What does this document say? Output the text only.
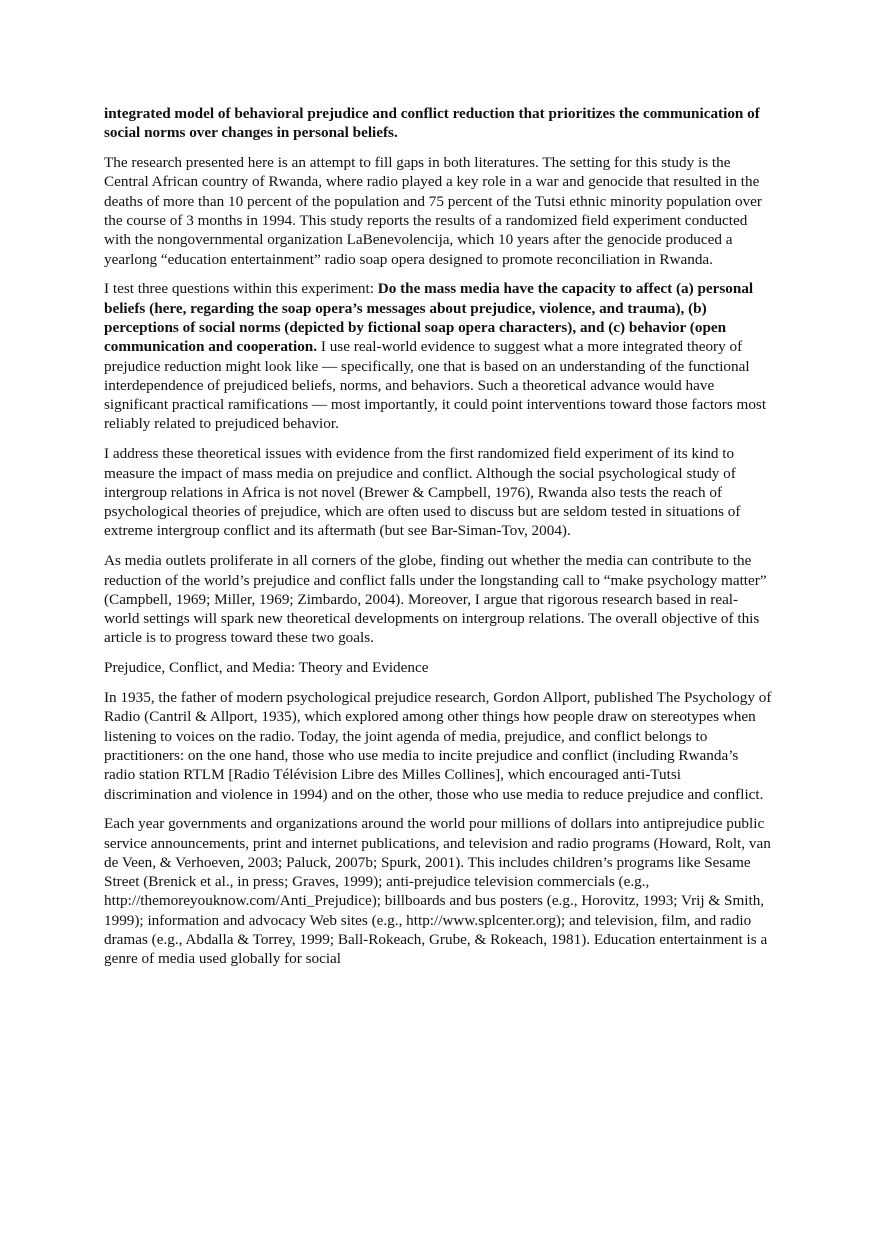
integrated model of behavioral prejudice and conflict reduction that prioritizes the communication of social norms over changes in personal beliefs.

The research presented here is an attempt to fill gaps in both literatures. The setting for this study is the Central African country of Rwanda, where radio played a key role in a war and genocide that resulted in the deaths of more than 10 percent of the population and 75 percent of the Tutsi ethnic minority population over the course of 3 months in 1994. This study reports the results of a randomized field experiment conducted with the nongovernmental organization LaBenevolencija, which 10 years after the genocide produced a yearlong “education entertainment” radio soap opera designed to promote reconciliation in Rwanda.

I test three questions within this experiment: Do the mass media have the capacity to affect (a) personal beliefs (here, regarding the soap opera’s messages about prejudice, violence, and trauma), (b) perceptions of social norms (depicted by fictional soap opera characters), and (c) behavior (open communication and cooperation. I use real-world evidence to suggest what a more integrated theory of prejudice reduction might look like — specifically, one that is based on an understanding of the functional interdependence of prejudiced beliefs, norms, and behaviors. Such a theoretical advance would have significant practical ramifications — most importantly, it could point interventions toward those factors most reliably related to prejudiced behavior.

I address these theoretical issues with evidence from the first randomized field experiment of its kind to measure the impact of mass media on prejudice and conflict. Although the social psychological study of intergroup relations in Africa is not novel (Brewer & Campbell, 1976), Rwanda also tests the reach of psychological theories of prejudice, which are often used to discuss but are seldom tested in situations of extreme intergroup conflict and its aftermath (but see Bar-Siman-Tov, 2004).

As media outlets proliferate in all corners of the globe, finding out whether the media can contribute to the reduction of the world’s prejudice and conflict falls under the longstanding call to “make psychology matter” (Campbell, 1969; Miller, 1969; Zimbardo, 2004). Moreover, I argue that rigorous research based in real-world settings will spark new theoretical developments on intergroup relations. The overall objective of this article is to progress toward these two goals.

Prejudice, Conflict, and Media: Theory and Evidence

In 1935, the father of modern psychological prejudice research, Gordon Allport, published The Psychology of Radio (Cantril & Allport, 1935), which explored among other things how people draw on stereotypes when listening to voices on the radio. Today, the joint agenda of media, prejudice, and conflict belongs to practitioners: on the one hand, those who use media to incite prejudice and conflict (including Rwanda’s radio station RTLM [Radio Télévision Libre des Milles Collines], which encouraged anti-Tutsi discrimination and violence in 1994) and on the other, those who use media to reduce prejudice and conflict.

Each year governments and organizations around the world pour millions of dollars into antiprejudice public service announcements, print and internet publications, and television and radio programs (Howard, Rolt, van de Veen, & Verhoeven, 2003; Paluck, 2007b; Spurk, 2001). This includes children’s programs like Sesame Street (Brenick et al., in press; Graves, 1999); anti-prejudice television commercials (e.g., http://themoreyouknow.com/Anti_Prejudice); billboards and bus posters (e.g., Horovitz, 1993; Vrij & Smith, 1999); information and advocacy Web sites (e.g., http://www.splcenter.org); and television, film, and radio dramas (e.g., Abdalla & Torrey, 1999; Ball-Rokeach, Grube, & Rokeach, 1981). Education entertainment is a genre of media used globally for social
